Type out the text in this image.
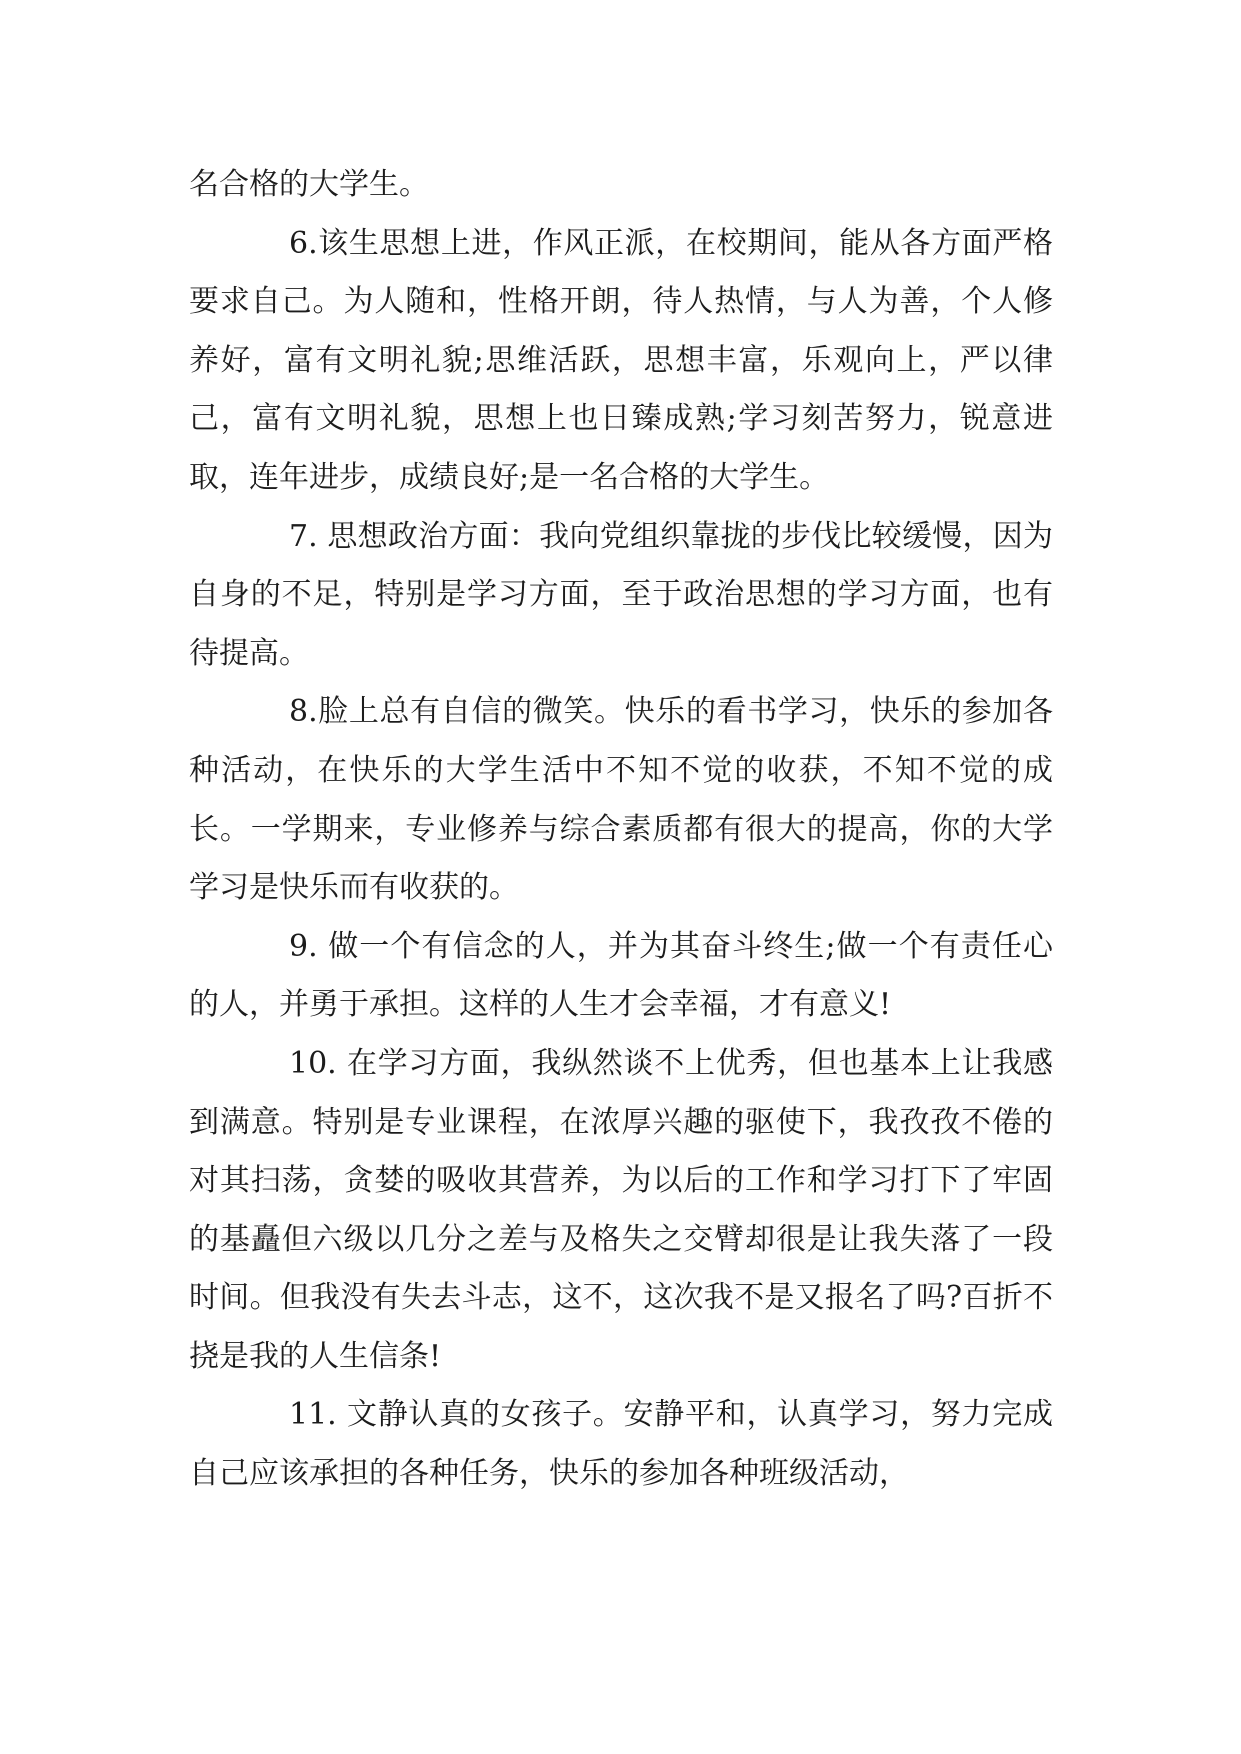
名合格的大学生。

6.该生思想上进，作风正派，在校期间，能从各方面严格要求自己。为人随和，性格开朗，待人热情，与人为善，个人修养好，富有文明礼貌;思维活跃，思想丰富，乐观向上，严以律己，富有文明礼貌，思想上也日臻成熟;学习刻苦努力，锐意进取，连年进步，成绩良好;是一名合格的大学生。

7. 思想政治方面：我向党组织靠拢的步伐比较缓慢，因为自身的不足，特别是学习方面，至于政治思想的学习方面，也有待提高。

8.脸上总有自信的微笑。快乐的看书学习，快乐的参加各种活动，在快乐的大学生活中不知不觉的收获，不知不觉的成长。一学期来，专业修养与综合素质都有很大的提高，你的大学学习是快乐而有收获的。

9. 做一个有信念的人，并为其奋斗终生;做一个有责任心的人，并勇于承担。这样的人生才会幸福，才有意义!

10. 在学习方面，我纵然谈不上优秀，但也基本上让我感到满意。特别是专业课程，在浓厚兴趣的驱使下，我孜孜不倦的对其扫荡，贪婪的吸收其营养，为以后的工作和学习打下了牢固的基矗但六级以几分之差与及格失之交臂却很是让我失落了一段时间。但我没有失去斗志，这不，这次我不是又报名了吗?百折不挠是我的人生信条!

11. 文静认真的女孩子。安静平和，认真学习，努力完成自己应该承担的各种任务，快乐的参加各种班级活动，
